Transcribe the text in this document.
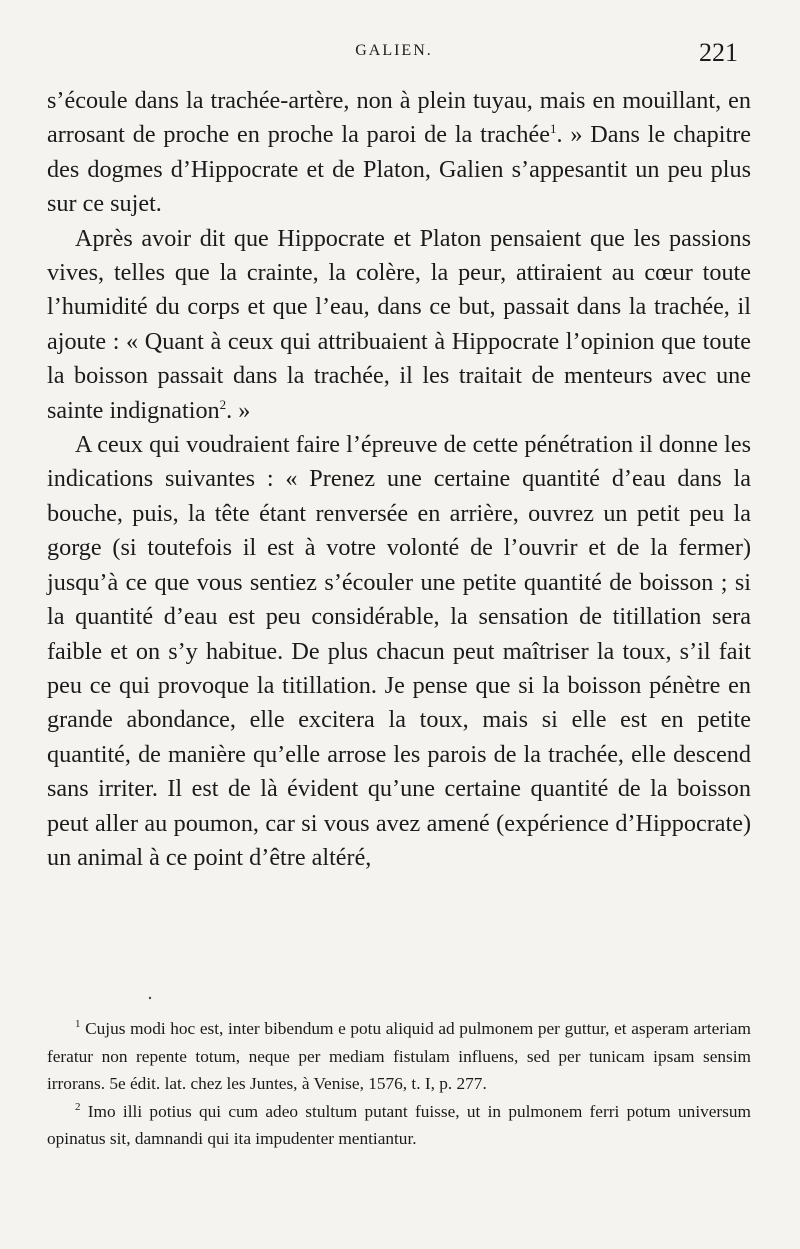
GALIEN.	221

s’écoule dans la trachée-artère, non à plein tuyau, mais en mouillant, en arrosant de proche en proche la paroi de la trachée$^1$. » Dans le chapitre des dogmes d’Hippocrate et de Platon, Galien s’appesantit un peu plus sur ce sujet.

Après avoir dit que Hippocrate et Platon pensaient que les passions vives, telles que la crainte, la colère, la peur, attiraient au cœur toute l’humidité du corps et que l’eau, dans ce but, passait dans la trachée, il ajoute : « Quant à ceux qui attribuaient à Hippocrate l’opinion que toute la boisson passait dans la trachée, il les traitait de menteurs avec une sainte indignation$^2$. »

A ceux qui voudraient faire l’épreuve de cette pénétration il donne les indications suivantes : « Prenez une certaine quantité d’eau dans la bouche, puis, la tête étant renversée en arrière, ouvrez un petit peu la gorge (si toutefois il est à votre volonté de l’ouvrir et de la fermer) jusqu’à ce que vous sentiez s’écouler une petite quantité de boisson ; si la quantité d’eau est peu considérable, la sensation de titillation sera faible et on s’y habitue. De plus chacun peut maîtriser la toux, s’il fait peu ce qui provoque la titillation. Je pense que si la boisson pénètre en grande abondance, elle excitera la toux, mais si elle est en petite quantité, de manière qu’elle arrose les parois de la trachée, elle descend sans irriter. Il est de là évident qu’une certaine quantité de la boisson peut aller au poumon, car si vous avez amené (expérience d’Hippocrate) un animal à ce point d’être altéré,

$^1$ Cujus modi hoc est, inter bibendum e potu aliquid ad pulmonem per guttur, et asperam arteriam feratur non repente totum, neque per mediam fistulam influens, sed per tunicam ipsam sensim irrorans. 5e édit. lat. chez les Juntes, à Venise, 1576, t. I, p. 277.

$^2$ Imo illi potius qui cum adeo stultum putant fuisse, ut in pulmonem ferri potum universum opinatus sit, damnandi qui ita impudenter mentiantur.
